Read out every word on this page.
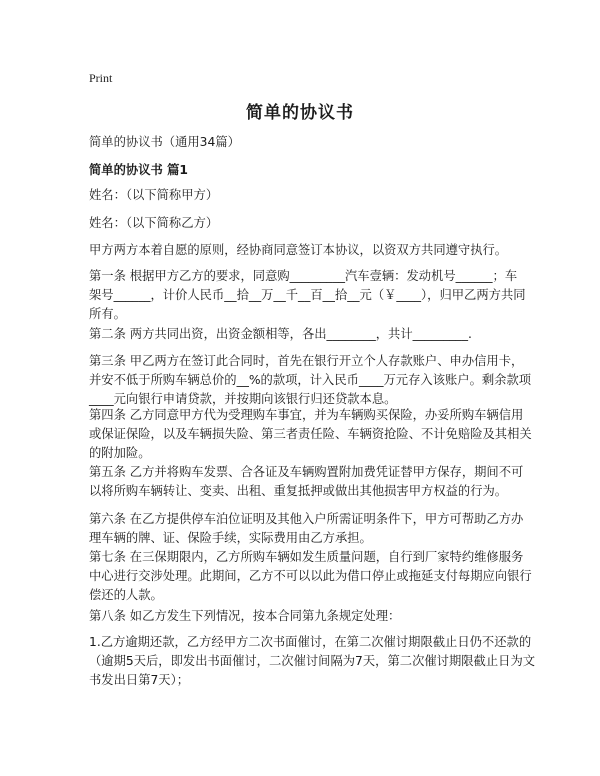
Print
简单的协议书

简单的协议书（通用34篇）

简单的协议书 篇1

姓名：（以下简称甲方）

姓名：（以下简称乙方）

甲方两方本着自愿的原则，经协商同意签订本协议，以资双方共同遵守执行。

第一条 根据甲方乙方的要求，同意购_________汽车壹辆：发动机号______；车
架号______，计价人民币__拾__万__千__百__拾__元（￥____），归甲乙两方共同
所有。

第二条 两方共同出资，出资金额相等，各出________，共计_________.

第三条 甲乙两方在签订此合同时，首先在银行开立个人存款账户、申办信用卡，
并安不低于所购车辆总价的__%的款项，计入民币____万元存入该账户。剩余款项
____元向银行申请贷款，并按期向该银行归还贷款本息。

第四条 乙方同意甲方代为受理购车事宜，并为车辆购买保险，办妥所购车辆信用
或保证保险，以及车辆损失险、第三者责任险、车辆资抢险、不计免赔险及其相关
的附加险。

第五条 乙方并将购车发票、合各证及车辆购置附加费凭证替甲方保存，期间不可
以将所购车辆转让、变卖、出租、重复抵押或做出其他损害甲方权益的行为。

第六条 在乙方提供停车泊位证明及其他入户所需证明条件下，甲方可帮助乙方办
理车辆的牌、证、保险手续，实际费用由乙方承担。

第七条 在三保期限内，乙方所购车辆如发生质量问题，自行到厂家特约维修服务
中心进行交涉处理。此期间，乙方不可以以此为借口停止或拖延支付每期应向银行
偿还的人款。

第八条 如乙方发生下列情况，按本合同第九条规定处理：

1.乙方逾期还款，乙方经甲方二次书面催讨，在第二次催讨期限截止日仍不还款的
（逾期5天后，即发出书面催讨，二次催讨间隔为7天，第二次催讨期限截止日为文
书发出日第7天）；
